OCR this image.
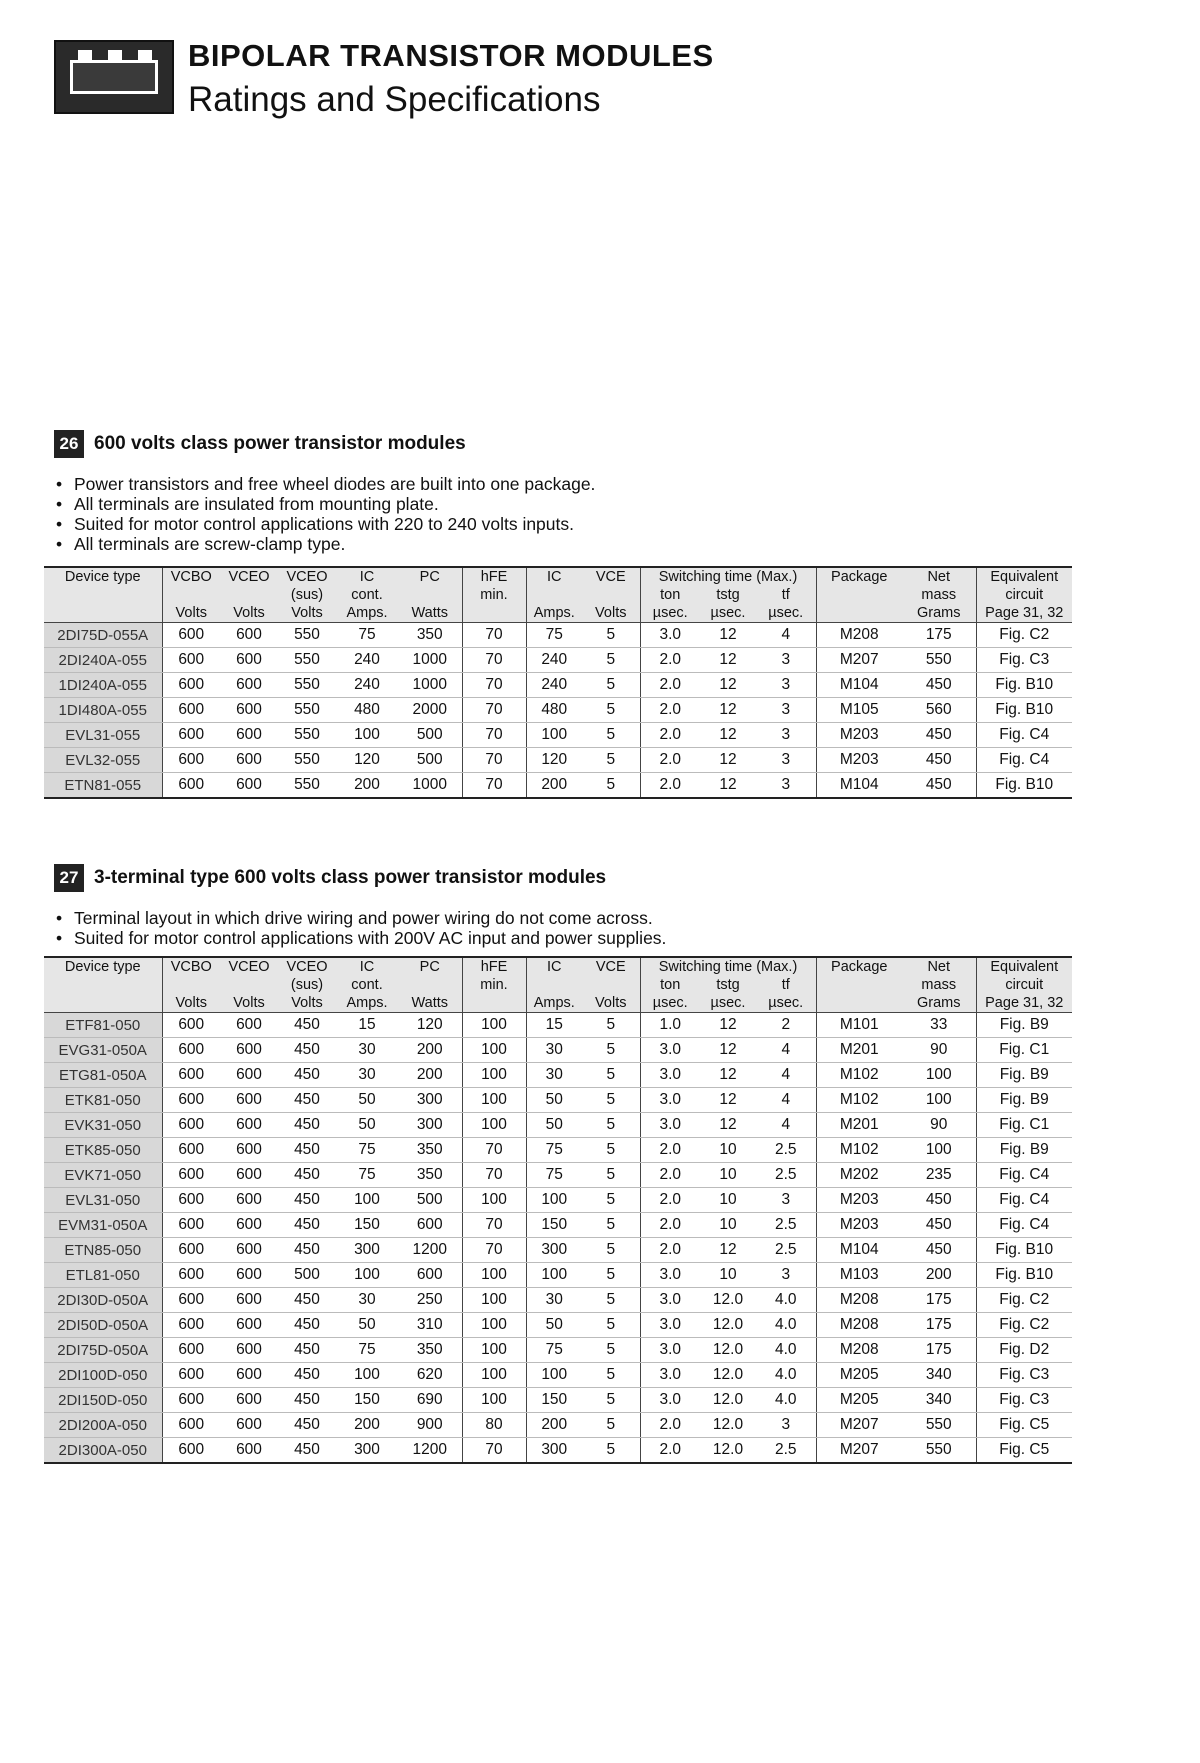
BIPOLAR TRANSISTOR MODULES
Ratings and Specifications
26 600 volts class power transistor modules
• Power transistors and free wheel diodes are built into one package.
• All terminals are insulated from mounting plate.
• Suited for motor control applications with 220 to 240 volts inputs.
• All terminals are screw-clamp type.
Device type	VCBO	VCEO	VCEO	IC	PC	hFE	IC	VCE	Switching time (Max.)			Package	Net	Equivalent
			(sus)	cont.		min.			ton	tstg	tf		mass	circuit
	Volts	Volts	Volts	Amps.	Watts		Amps.	Volts	µsec.	µsec.	µsec.		Grams	Page 31, 32
2DI75D-055A	600	600	550	75	350	70	75	5	3.0	12	4	M208	175	Fig. C2
2DI240A-055	600	600	550	240	1000	70	240	5	2.0	12	3	M207	550	Fig. C3
1DI240A-055	600	600	550	240	1000	70	240	5	2.0	12	3	M104	450	Fig. B10
1DI480A-055	600	600	550	480	2000	70	480	5	2.0	12	3	M105	560	Fig. B10
EVL31-055	600	600	550	100	500	70	100	5	2.0	12	3	M203	450	Fig. C4
EVL32-055	600	600	550	120	500	70	120	5	2.0	12	3	M203	450	Fig. C4
ETN81-055	600	600	550	200	1000	70	200	5	2.0	12	3	M104	450	Fig. B10
27 3-terminal type 600 volts class power transistor modules
• Terminal layout in which drive wiring and power wiring do not come across.
• Suited for motor control applications with 200V AC input and power supplies.
Device type	VCBO	VCEO	VCEO	IC	PC	hFE	IC	VCE	Switching time (Max.)			Package	Net	Equivalent
			(sus)	cont.		min.			ton	tstg	tf		mass	circuit
	Volts	Volts	Volts	Amps.	Watts		Amps.	Volts	µsec.	µsec.	µsec.		Grams	Page 31, 32
ETF81-050	600	600	450	15	120	100	15	5	1.0	12	2	M101	33	Fig. B9
EVG31-050A	600	600	450	30	200	100	30	5	3.0	12	4	M201	90	Fig. C1
ETG81-050A	600	600	450	30	200	100	30	5	3.0	12	4	M102	100	Fig. B9
ETK81-050	600	600	450	50	300	100	50	5	3.0	12	4	M102	100	Fig. B9
EVK31-050	600	600	450	50	300	100	50	5	3.0	12	4	M201	90	Fig. C1
ETK85-050	600	600	450	75	350	70	75	5	2.0	10	2.5	M102	100	Fig. B9
EVK71-050	600	600	450	75	350	70	75	5	2.0	10	2.5	M202	235	Fig. C4
EVL31-050	600	600	450	100	500	100	100	5	2.0	10	3	M203	450	Fig. C4
EVM31-050A	600	600	450	150	600	70	150	5	2.0	10	2.5	M203	450	Fig. C4
ETN85-050	600	600	450	300	1200	70	300	5	2.0	12	2.5	M104	450	Fig. B10
ETL81-050	600	600	500	100	600	100	100	5	3.0	10	3	M103	200	Fig. B10
2DI30D-050A	600	600	450	30	250	100	30	5	3.0	12.0	4.0	M208	175	Fig. C2
2DI50D-050A	600	600	450	50	310	100	50	5	3.0	12.0	4.0	M208	175	Fig. C2
2DI75D-050A	600	600	450	75	350	100	75	5	3.0	12.0	4.0	M208	175	Fig. D2
2DI100D-050	600	600	450	100	620	100	100	5	3.0	12.0	4.0	M205	340	Fig. C3
2DI150D-050	600	600	450	150	690	100	150	5	3.0	12.0	4.0	M205	340	Fig. C3
2DI200A-050	600	600	450	200	900	80	200	5	2.0	12.0	3	M207	550	Fig. C5
2DI300A-050	600	600	450	300	1200	70	300	5	2.0	12.0	2.5	M207	550	Fig. C5
